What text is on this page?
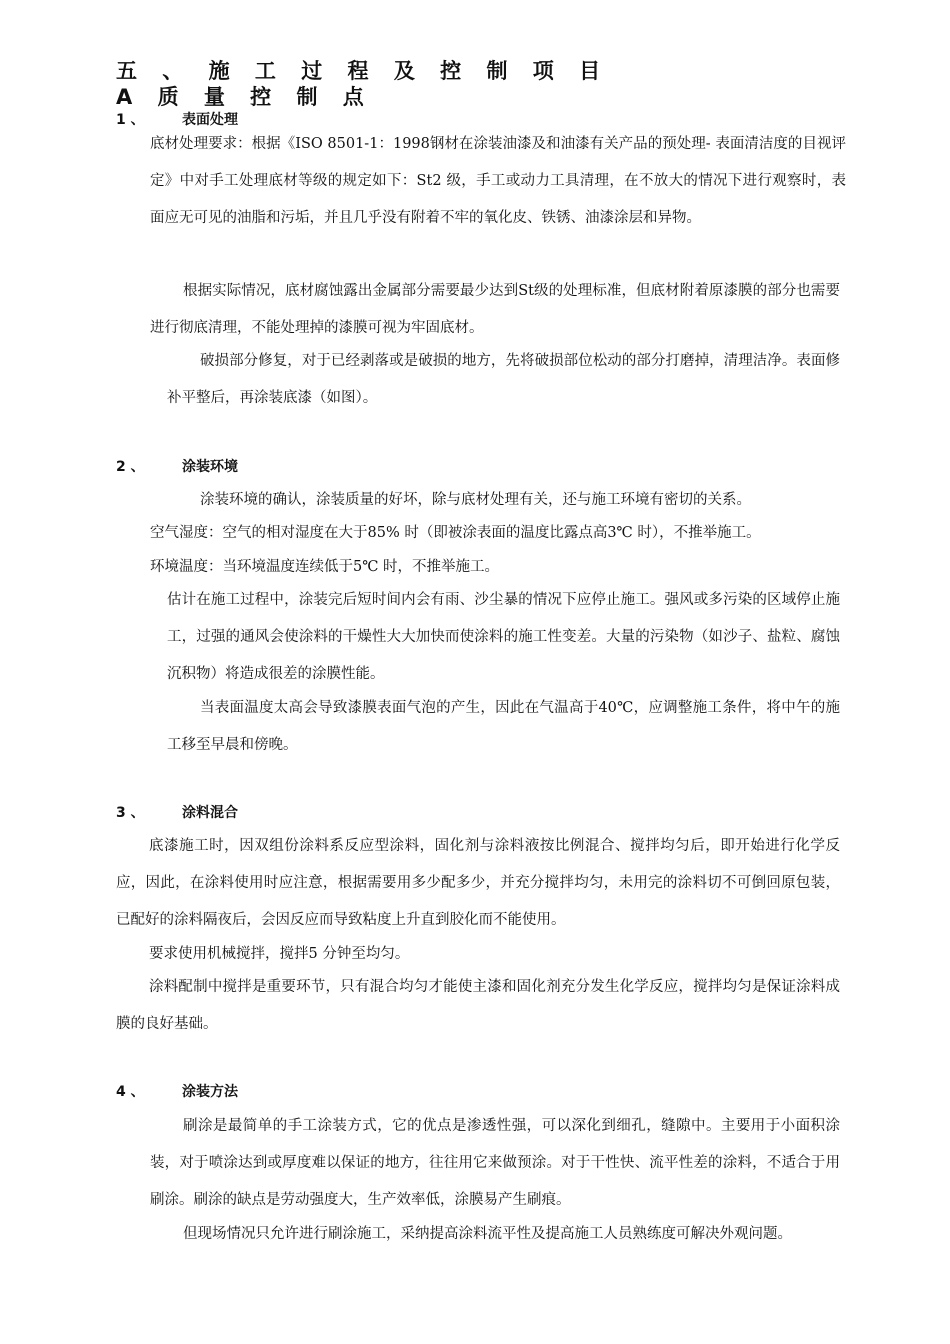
五 、 施 工 过 程 及 控 制 项 目
A 质 量 控 制 点
1 、	表面处理

底材处理要求：根据《ISO 8501-1：1998钢材在涂装油漆及和油漆有关产品的预处理- 表面清洁度的目视评定》中对手工处理底材等级的规定如下：St2 级，手工或动力工具清理，在不放大的情况下进行观察时，表面应无可见的油脂和污垢，并且几乎没有附着不牢的氧化皮、铁锈、油漆涂层和异物。

根据实际情况，底材腐蚀露出金属部分需要最少达到St级的处理标准，但底材附着原漆膜的部分也需要进行彻底清理，不能处理掉的漆膜可视为牢固底材。

破损部分修复，对于已经剥落或是破损的地方，先将破损部位松动的部分打磨掉，清理洁净。表面修补平整后，再涂装底漆（如图）。

2 、	涂装环境

涂装环境的确认，涂装质量的好坏，除与底材处理有关，还与施工环境有密切的关系。

空气湿度：空气的相对湿度在大于85% 时（即被涂表面的温度比露点高3℃ 时），不推举施工。

环境温度：当环境温度连续低于5℃ 时，不推举施工。

估计在施工过程中，涂装完后短时间内会有雨、沙尘暴的情况下应停止施工。强风或多污染的区域停止施工，过强的通风会使涂料的干燥性大大加快而使涂料的施工性变差。大量的污染物（如沙子、盐粒、腐蚀沉积物）将造成很差的涂膜性能。

当表面温度太高会导致漆膜表面气泡的产生，因此在气温高于40℃，应调整施工条件，将中午的施工移至早晨和傍晚。

3 、	涂料混合

底漆施工时，因双组份涂料系反应型涂料，固化剂与涂料液按比例混合、搅拌均匀后，即开始进行化学反应，因此，在涂料使用时应注意，根据需要用多少配多少，并充分搅拌均匀，未用完的涂料切不可倒回原包装，已配好的涂料隔夜后，会因反应而导致粘度上升直到胶化而不能使用。

要求使用机械搅拌，搅拌5 分钟至均匀。

涂料配制中搅拌是重要环节，只有混合均匀才能使主漆和固化剂充分发生化学反应，搅拌均匀是保证涂料成膜的良好基础。

4 、	涂装方法

刷涂是最简单的手工涂装方式，它的优点是渗透性强，可以深化到细孔，缝隙中。主要用于小面积涂装，对于喷涂达到或厚度难以保证的地方，往往用它来做预涂。对于干性快、流平性差的涂料，不适合于用刷涂。刷涂的缺点是劳动强度大，生产效率低，涂膜易产生刷痕。

但现场情况只允许进行刷涂施工，采纳提高涂料流平性及提高施工人员熟练度可解决外观问题。
